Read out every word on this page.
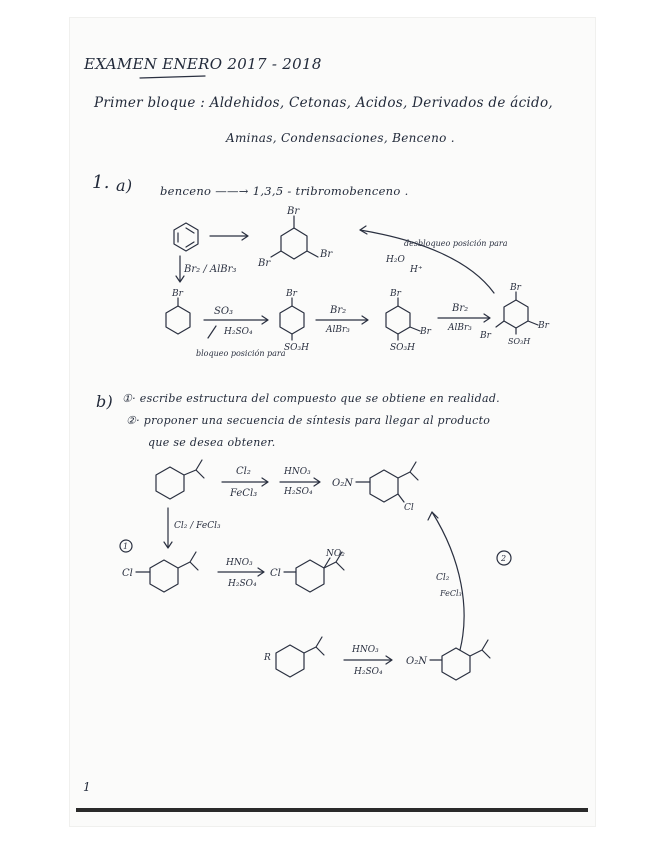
EXAMEN ENERO 2017 - 2018
Primer bloque : Aldehidos, Cetonas, Acidos, Derivados de ácido,
Aminas, Condensaciones, Benceno .
1. a) benceno ——→ 1,3,5 - tribromobenceno .
b) ①· escribe estructura del compuesto que se obtiene en realidad.
②· proponer una secuencia de síntesis para llegar al producto
que se desea obtener.
1
Br
Br
Br
desbloqueo posición para
H₂O
H⁺
Br₂ / AlBr₃
Br
SO₃
H₂SO₄
bloqueo posición para
Br
SO₃H
Br₂
AlBr₃
Br
Br
SO₃H
Br₂
AlBr₃
Br
Br
Br
SO₃H
Cl₂
FeCl₃
HNO₃
H₂SO₄
O₂N
Cl
Cl₂ / FeCl₃
1
Cl
HNO₃
H₂SO₄
Cl
NO₂
Cl₂
FeCl₃
2
R
HNO₃
H₂SO₄
O₂N
